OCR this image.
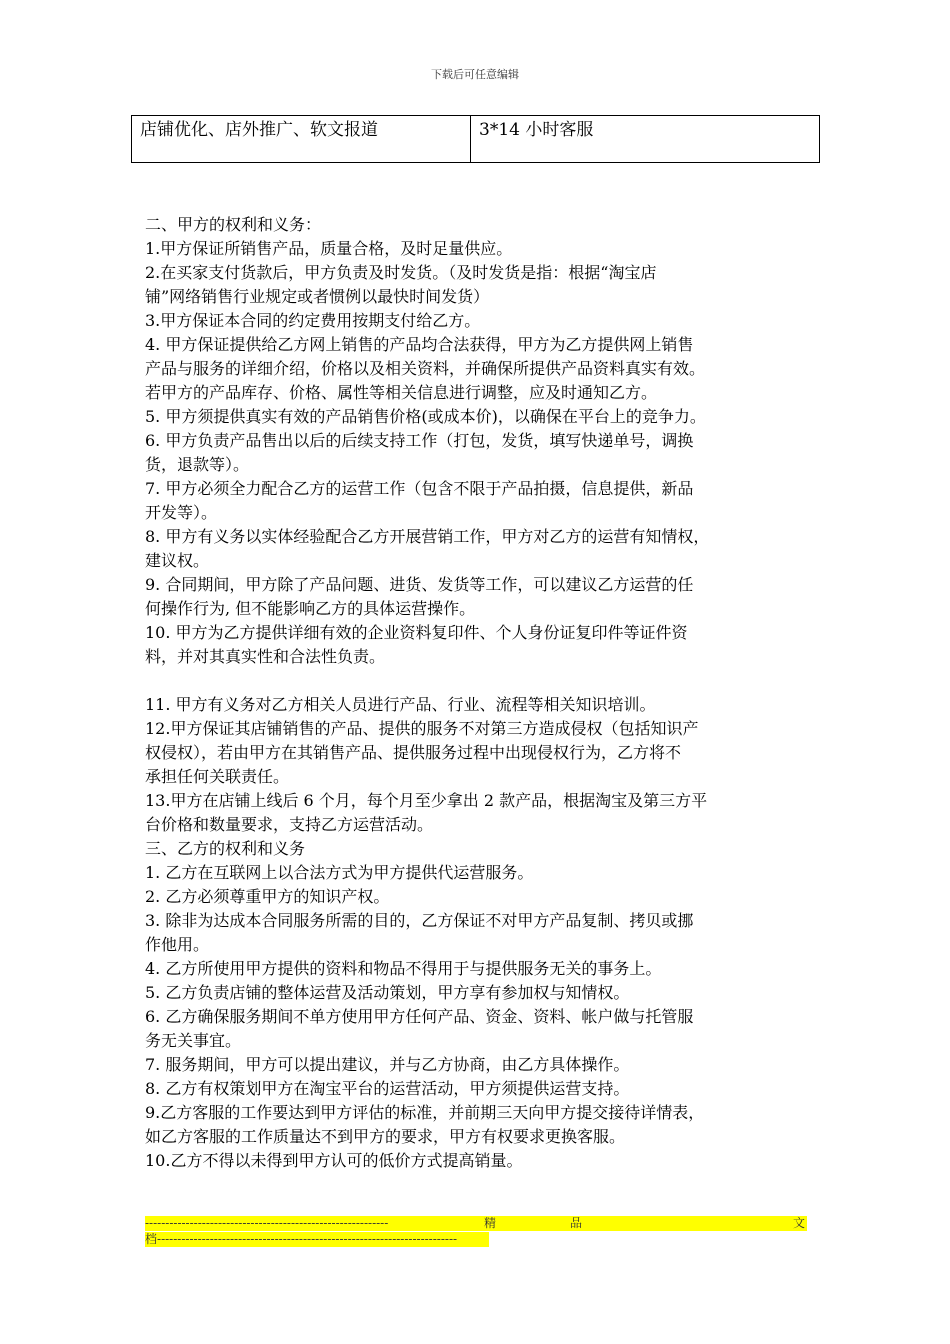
下载后可任意编辑
店铺优化、店外推广、软文报道	3*14 小时客服
二、甲方的权利和义务：
1.甲方保证所销售产品，质量合格，及时足量供应。
2.在买家支付货款后，甲方负责及时发货。（及时发货是指：根据“淘宝店
铺”网络销售行业规定或者惯例以最快时间发货）
3.甲方保证本合同的约定费用按期支付给乙方。
4. 甲方保证提供给乙方网上销售的产品均合法获得，甲方为乙方提供网上销售
产品与服务的详细介绍，价格以及相关资料，并确保所提供产品资料真实有效。
若甲方的产品库存、价格、属性等相关信息进行调整，应及时通知乙方。
5. 甲方须提供真实有效的产品销售价格(或成本价)，以确保在平台上的竞争力。
6. 甲方负责产品售出以后的后续支持工作（打包，发货，填写快递单号，调换
货，退款等）。
7. 甲方必须全力配合乙方的运营工作（包含不限于产品拍摄，信息提供，新品
开发等）。
8. 甲方有义务以实体经验配合乙方开展营销工作，甲方对乙方的运营有知情权，
建议权。
9. 合同期间，甲方除了产品问题、进货、发货等工作，可以建议乙方运营的任
何操作行为, 但不能影响乙方的具体运营操作。
10. 甲方为乙方提供详细有效的企业资料复印件、个人身份证复印件等证件资
料，并对其真实性和合法性负责。
11. 甲方有义务对乙方相关人员进行产品、行业、流程等相关知识培训。
12.甲方保证其店铺销售的产品、提供的服务不对第三方造成侵权（包括知识产
权侵权），若由甲方在其销售产品、提供服务过程中出现侵权行为，乙方将不
承担任何关联责任。
13.甲方在店铺上线后 6 个月，每个月至少拿出 2 款产品，根据淘宝及第三方平
台价格和数量要求，支持乙方运营活动。
三、乙方的权利和义务
1. 乙方在互联网上以合法方式为甲方提供代运营服务。
2. 乙方必须尊重甲方的知识产权。
3. 除非为达成本合同服务所需的目的，乙方保证不对甲方产品复制、拷贝或挪
作他用。
4. 乙方所使用甲方提供的资料和物品不得用于与提供服务无关的事务上。
5. 乙方负责店铺的整体运营及活动策划，甲方享有参加权与知情权。
6. 乙方确保服务期间不单方使用甲方任何产品、资金、资料、帐户做与托管服
务无关事宜。
7. 服务期间，甲方可以提出建议，并与乙方协商，由乙方具体操作。
8. 乙方有权策划甲方在淘宝平台的运营活动，甲方须提供运营支持。
9.乙方客服的工作要达到甲方评估的标准，并前期三天向甲方提交接待详情表，
如乙方客服的工作质量达不到甲方的要求，甲方有权要求更换客服。
10.乙方不得以未得到甲方认可的低价方式提高销量。
------------------------------------------------------------	精	品	文
档--------------------------------------------------------------------------
